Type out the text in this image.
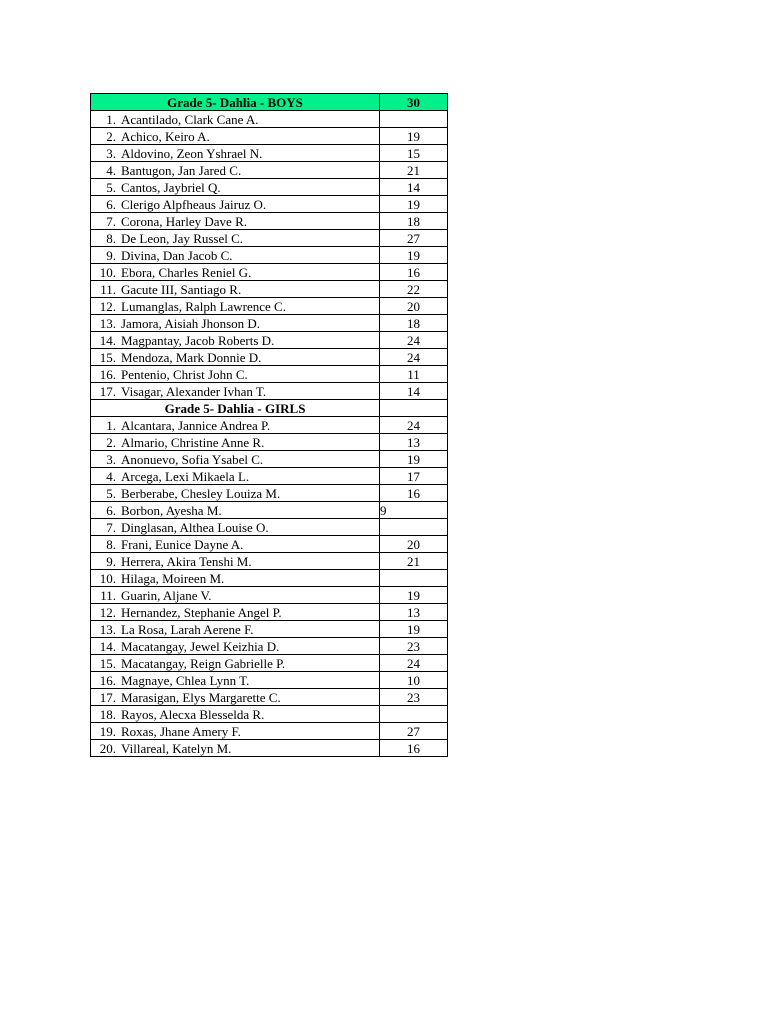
Grade 5- Dahlia - BOYS	30
1. Acantilado, Clark Cane A.	
2. Achico, Keiro A.	19
3. Aldovino, Zeon Yshrael N.	15
4. Bantugon, Jan Jared C.	21
5. Cantos, Jaybriel Q.	14
6. Clerigo Alpfheaus Jairuz O.	19
7. Corona, Harley Dave R.	18
8. De Leon, Jay Russel C.	27
9. Divina, Dan Jacob C.	19
10. Ebora, Charles Reniel G.	16
11. Gacute III, Santiago R.	22
12. Lumanglas, Ralph Lawrence C.	20
13. Jamora, Aisiah Jhonson D.	18
14. Magpantay, Jacob Roberts D.	24
15. Mendoza, Mark Donnie D.	24
16. Pentenio, Christ John C.	11
17. Visagar, Alexander Ivhan T.	14
Grade 5- Dahlia - GIRLS	
1. Alcantara, Jannice Andrea P.	24
2. Almario, Christine Anne R.	13
3. Anonuevo, Sofia Ysabel C.	19
4. Arcega, Lexi Mikaela L.	17
5. Berberabe, Chesley Louiza M.	16
6. Borbon, Ayesha M.	9
7. Dinglasan, Althea Louise O.	
8. Frani, Eunice Dayne A.	20
9. Herrera, Akira Tenshi M.	21
10. Hilaga, Moireen M.	
11. Guarin, Aljane V.	19
12. Hernandez, Stephanie Angel P.	13
13. La Rosa, Larah Aerene F.	19
14. Macatangay, Jewel Keizhia D.	23
15. Macatangay, Reign Gabrielle P.	24
16. Magnaye, Chlea Lynn T.	10
17. Marasigan, Elys Margarette C.	23
18. Rayos, Alecxa Blesselda R.	
19. Roxas, Jhane Amery F.	27
20. Villareal, Katelyn M.	16
